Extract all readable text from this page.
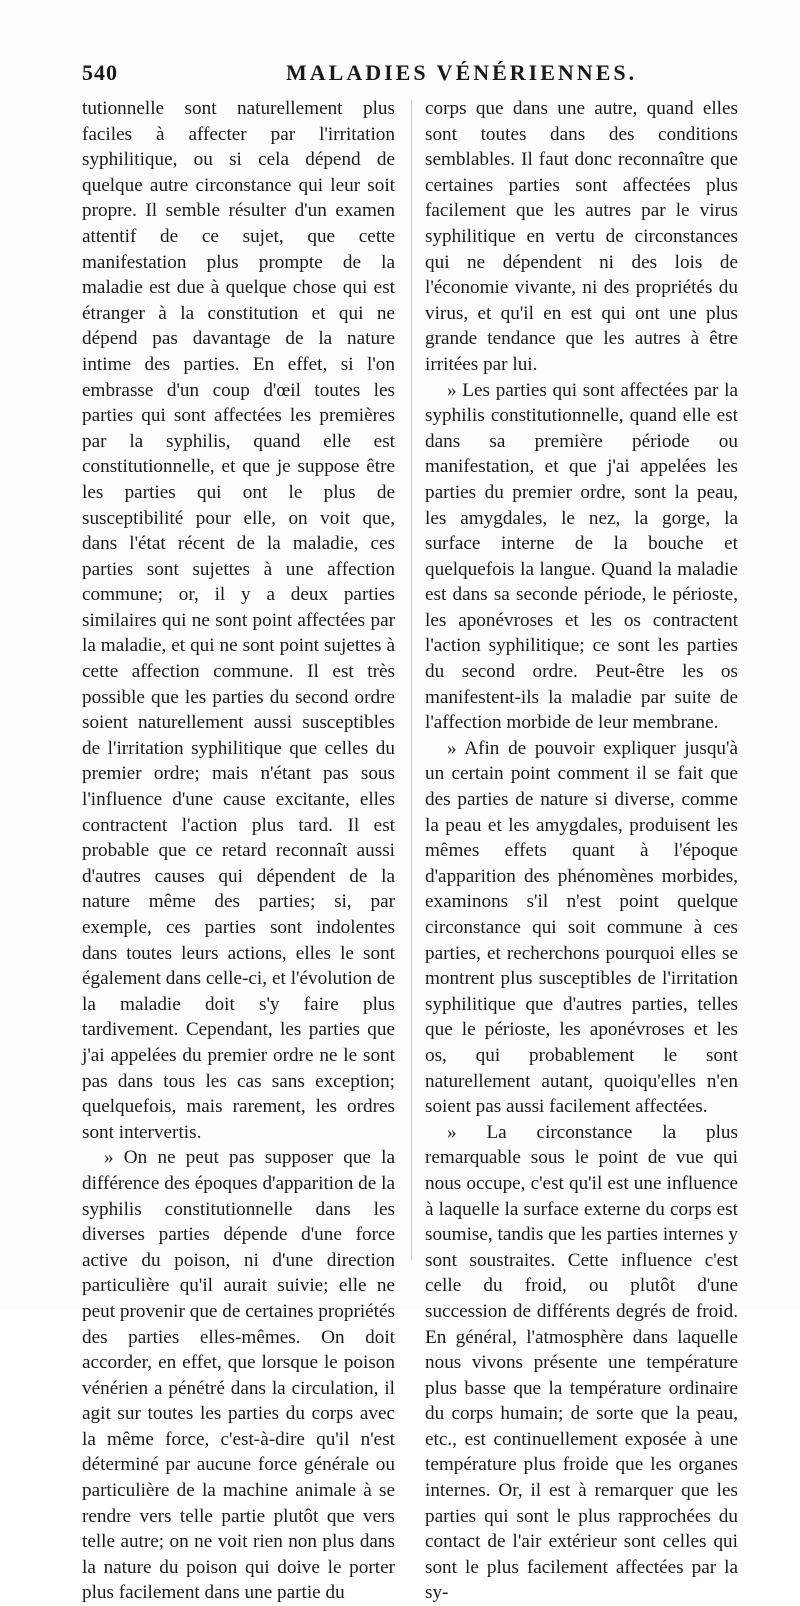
540	MALADIES VÉNÉRIENNES.

tutionnelle sont naturellement plus faciles à affecter par l'irritation syphilitique, ou si cela dépend de quelque autre circonstance qui leur soit propre. Il semble résulter d'un examen attentif de ce sujet, que cette manifestation plus prompte de la maladie est due à quelque chose qui est étranger à la constitution et qui ne dépend pas davantage de la nature intime des parties. En effet, si l'on embrasse d'un coup d'œil toutes les parties qui sont affectées les premières par la syphilis, quand elle est constitutionnelle, et que je suppose être les parties qui ont le plus de susceptibilité pour elle, on voit que, dans l'état récent de la maladie, ces parties sont sujettes à une affection commune; or, il y a deux parties similaires qui ne sont point affectées par la maladie, et qui ne sont point sujettes à cette affection commune. Il est très possible que les parties du second ordre soient naturellement aussi susceptibles de l'irritation syphilitique que celles du premier ordre; mais n'étant pas sous l'influence d'une cause excitante, elles contractent l'action plus tard. Il est probable que ce retard reconnaît aussi d'autres causes qui dépendent de la nature même des parties; si, par exemple, ces parties sont indolentes dans toutes leurs actions, elles le sont également dans celle-ci, et l'évolution de la maladie doit s'y faire plus tardivement. Cependant, les parties que j'ai appelées du premier ordre ne le sont pas dans tous les cas sans exception; quelquefois, mais rarement, les ordres sont intervertis.

» On ne peut pas supposer que la différence des époques d'apparition de la syphilis constitutionnelle dans les diverses parties dépende d'une force active du poison, ni d'une direction particulière qu'il aurait suivie; elle ne peut provenir que de certaines propriétés des parties elles-mêmes. On doit accorder, en effet, que lorsque le poison vénérien a pénétré dans la circulation, il agit sur toutes les parties du corps avec la même force, c'est-à-dire qu'il n'est déterminé par aucune force générale ou particulière de la machine animale à se rendre vers telle partie plutôt que vers telle autre; on ne voit rien non plus dans la nature du poison qui doive le porter plus facilement dans une partie du

corps que dans une autre, quand elles sont toutes dans des conditions semblables. Il faut donc reconnaître que certaines parties sont affectées plus facilement que les autres par le virus syphilitique en vertu de circonstances qui ne dépendent ni des lois de l'économie vivante, ni des propriétés du virus, et qu'il en est qui ont une plus grande tendance que les autres à être irritées par lui.

» Les parties qui sont affectées par la syphilis constitutionnelle, quand elle est dans sa première période ou manifestation, et que j'ai appelées les parties du premier ordre, sont la peau, les amygdales, le nez, la gorge, la surface interne de la bouche et quelquefois la langue. Quand la maladie est dans sa seconde période, le périoste, les aponévroses et les os contractent l'action syphilitique; ce sont les parties du second ordre. Peut-être les os manifestent-ils la maladie par suite de l'affection morbide de leur membrane.

» Afin de pouvoir expliquer jusqu'à un certain point comment il se fait que des parties de nature si diverse, comme la peau et les amygdales, produisent les mêmes effets quant à l'époque d'apparition des phénomènes morbides, examinons s'il n'est point quelque circonstance qui soit commune à ces parties, et recherchons pourquoi elles se montrent plus susceptibles de l'irritation syphilitique que d'autres parties, telles que le périoste, les aponévroses et les os, qui probablement le sont naturellement autant, quoiqu'elles n'en soient pas aussi facilement affectées.

» La circonstance la plus remarquable sous le point de vue qui nous occupe, c'est qu'il est une influence à laquelle la surface externe du corps est soumise, tandis que les parties internes y sont soustraites. Cette influence c'est celle du froid, ou plutôt d'une succession de différents degrés de froid. En général, l'atmosphère dans laquelle nous vivons présente une température plus basse que la température ordinaire du corps humain; de sorte que la peau, etc., est continuellement exposée à une température plus froide que les organes internes. Or, il est à remarquer que les parties qui sont le plus rapprochées du contact de l'air extérieur sont celles qui sont le plus facilement affectées par la sy-
